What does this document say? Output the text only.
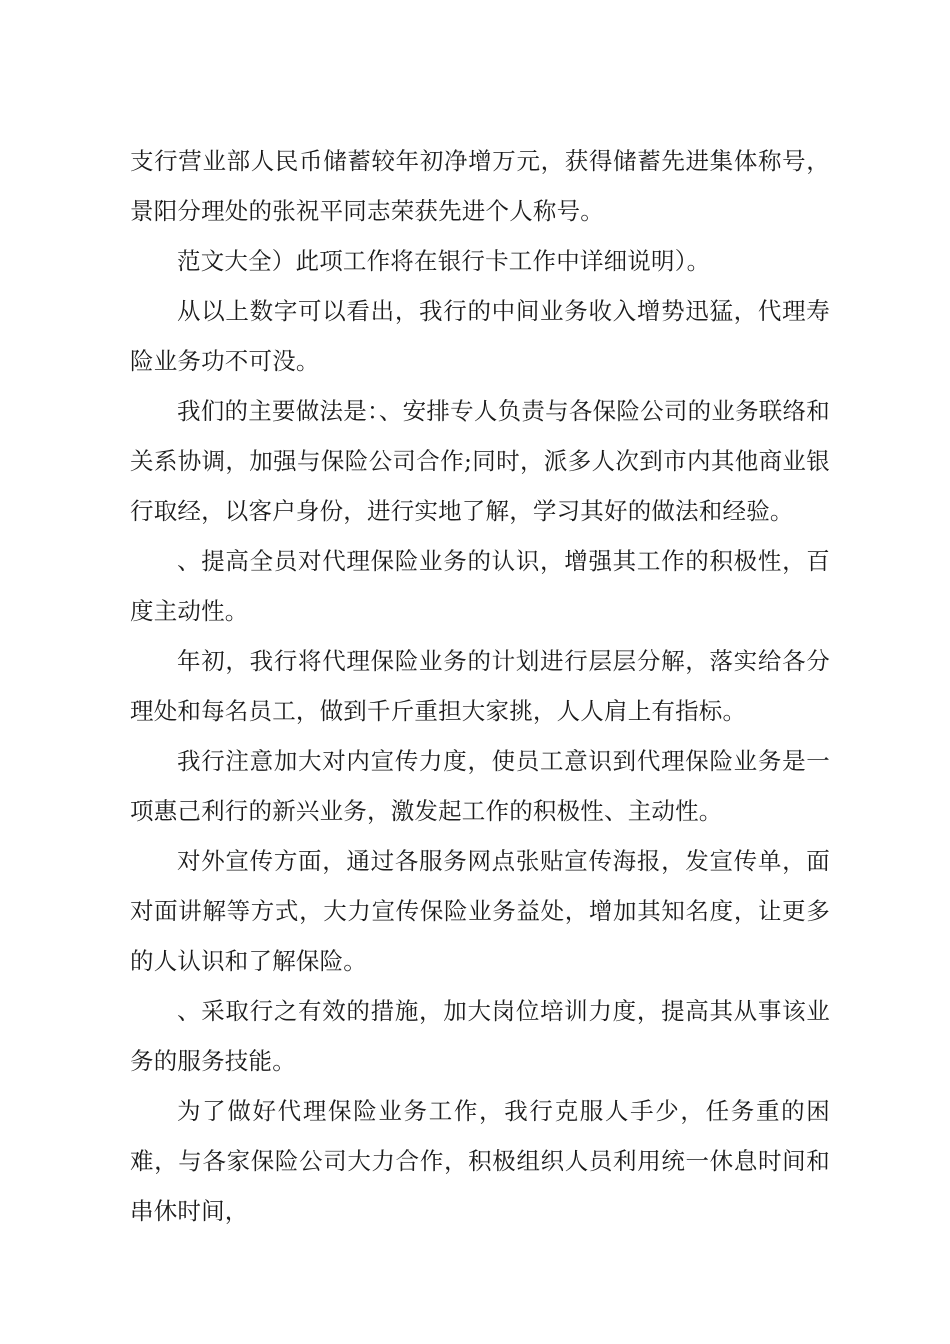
支行营业部人民币储蓄较年初净增万元，获得储蓄先进集体称号，景阳分理处的张祝平同志荣获先进个人称号。

范文大全）此项工作将在银行卡工作中详细说明）。

从以上数字可以看出，我行的中间业务收入增势迅猛，代理寿险业务功不可没。

我们的主要做法是：、安排专人负责与各保险公司的业务联络和关系协调，加强与保险公司合作;同时，派多人次到市内其他商业银行取经，以客户身份，进行实地了解，学习其好的做法和经验。

、提高全员对代理保险业务的认识，增强其工作的积极性，百度主动性。

年初，我行将代理保险业务的计划进行层层分解，落实给各分理处和每名员工，做到千斤重担大家挑，人人肩上有指标。

我行注意加大对内宣传力度，使员工意识到代理保险业务是一项惠己利行的新兴业务，激发起工作的积极性、主动性。

对外宣传方面，通过各服务网点张贴宣传海报，发宣传单，面对面讲解等方式，大力宣传保险业务益处，增加其知名度，让更多的人认识和了解保险。

、采取行之有效的措施，加大岗位培训力度，提高其从事该业务的服务技能。

为了做好代理保险业务工作，我行克服人手少，任务重的困难，与各家保险公司大力合作，积极组织人员利用统一休息时间和串休时间，
